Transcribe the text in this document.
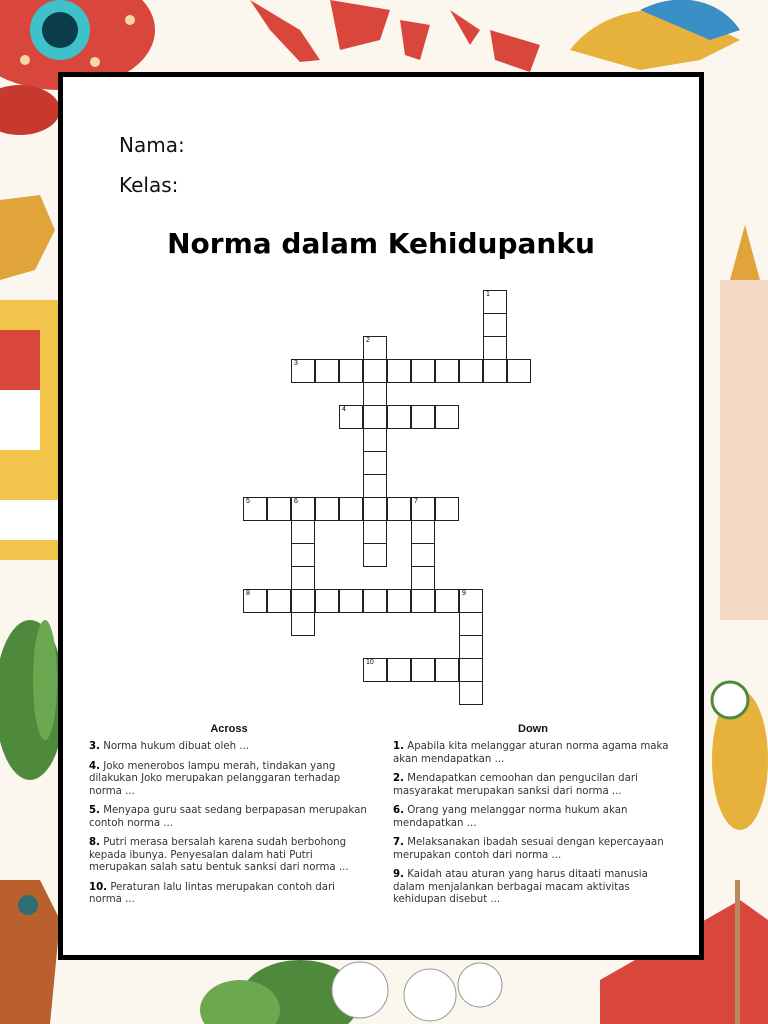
Nama:
Kelas:
Norma dalam Kehidupanku
1
2
3
4
5	6	7
8	9
10
Across
3. Norma hukum dibuat oleh ...
4. Joko menerobos lampu merah, tindakan yang dilakukan Joko merupakan pelanggaran terhadap norma ...
5. Menyapa guru saat sedang berpapasan merupakan contoh norma ...
8. Putri merasa bersalah karena sudah berbohong kepada ibunya. Penyesalan dalam hati Putri merupakan salah satu bentuk sanksi dari norma ...
10. Peraturan lalu lintas merupakan contoh dari norma ...
Down
1. Apabila kita melanggar aturan norma agama maka akan mendapatkan ...
2. Mendapatkan cemoohan dan pengucilan dari masyarakat merupakan sanksi dari norma ...
6. Orang yang melanggar norma hukum akan mendapatkan ...
7. Melaksanakan ibadah sesuai dengan kepercayaan merupakan contoh dari norma ...
9. Kaidah atau aturan yang harus ditaati manusia dalam menjalankan berbagai macam aktivitas kehidupan disebut ...
